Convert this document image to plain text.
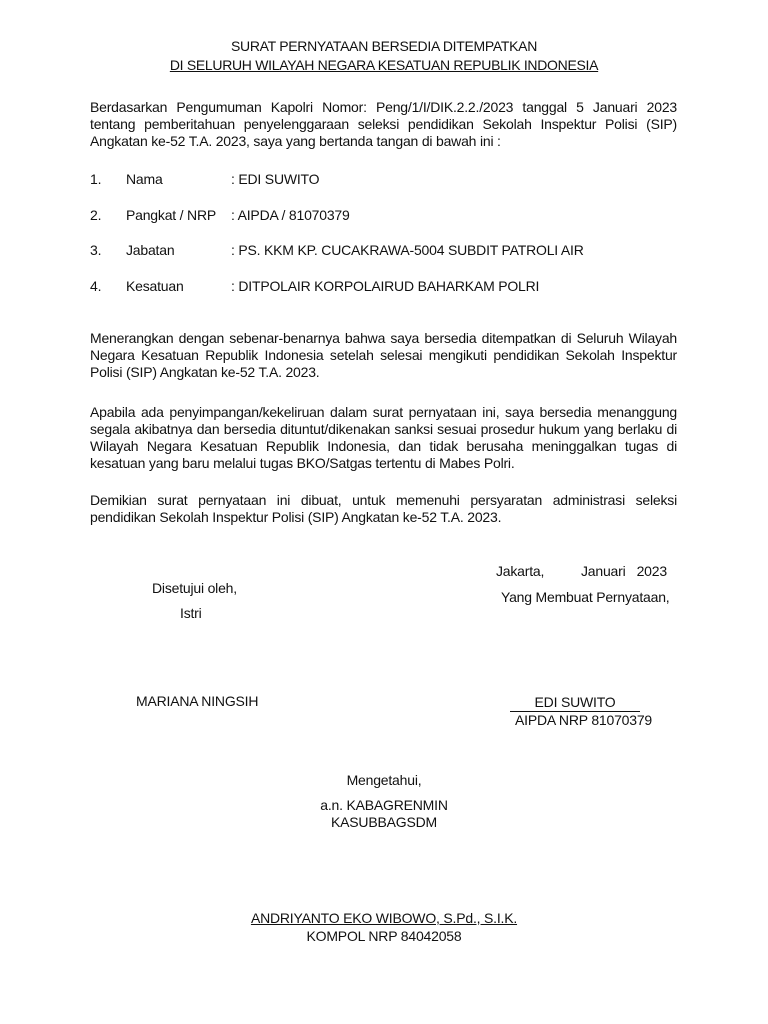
SURAT PERNYATAAN BERSEDIA DITEMPATKAN
DI SELURUH WILAYAH NEGARA KESATUAN REPUBLIK INDONESIA

Berdasarkan Pengumuman Kapolri Nomor: Peng/1/I/DIK.2.2./2023 tanggal 5 Januari 2023 tentang pemberitahuan penyelenggaraan seleksi pendidikan Sekolah Inspektur Polisi (SIP) Angkatan ke-52 T.A. 2023, saya yang bertanda tangan di bawah ini :

1. Nama	: EDI SUWITO
2. Pangkat / NRP : AIPDA / 81070379
3. Jabatan	: PS. KKM KP. CUCAKRAWA-5004 SUBDIT PATROLI AIR
4. Kesatuan	: DITPOLAIR KORPOLAIRUD BAHARKAM POLRI

Menerangkan dengan sebenar-benarnya bahwa saya bersedia ditempatkan di Seluruh Wilayah Negara Kesatuan Republik Indonesia setelah selesai mengikuti pendidikan Sekolah Inspektur Polisi (SIP) Angkatan ke-52 T.A. 2023.

Apabila ada penyimpangan/kekeliruan dalam surat pernyataan ini, saya bersedia menanggung segala akibatnya dan bersedia dituntut/dikenakan sanksi sesuai prosedur hukum yang berlaku di Wilayah Negara Kesatuan Republik Indonesia, dan tidak berusaha meninggalkan tugas di kesatuan yang baru melalui tugas BKO/Satgas tertentu di Mabes Polri.

Demikian surat pernyataan ini dibuat, untuk memenuhi persyaratan administrasi seleksi pendidikan Sekolah Inspektur Polisi (SIP) Angkatan ke-52 T.A. 2023.

Jakarta,	Januari   2023
Yang Membuat Pernyataan,
Disetujui oleh,
Istri
MARIANA NINGSIH	EDI SUWITO
AIPDA NRP 81070379
Mengetahui,
a.n. KABAGRENMIN
KASUBBAGSDM
ANDRIYANTO EKO WIBOWO, S.Pd., S.I.K.
KOMPOL NRP 84042058
